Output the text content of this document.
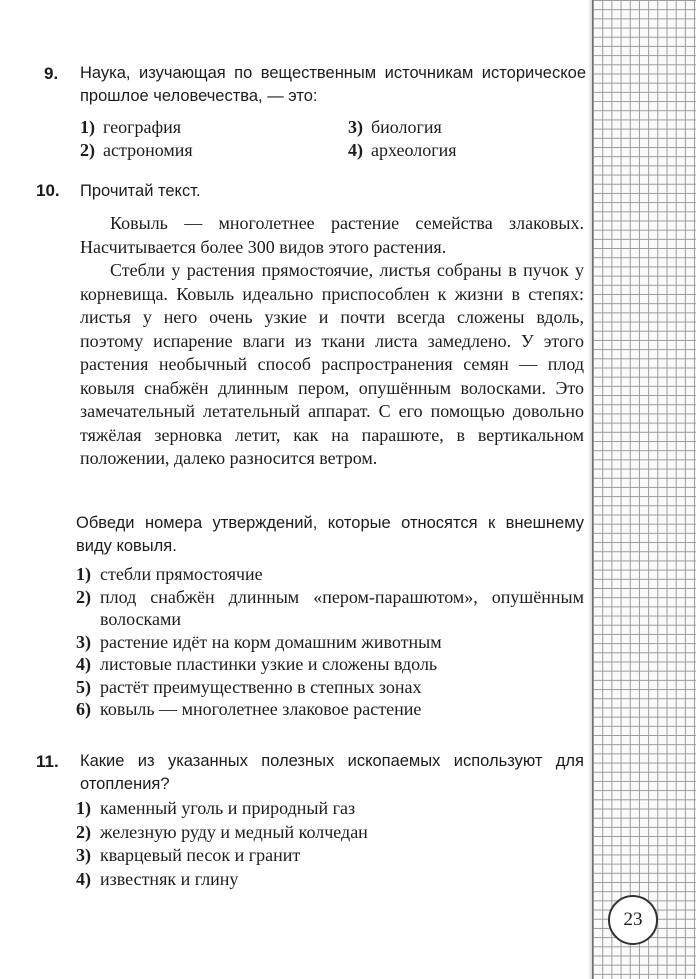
23
9. Наука, изучающая по вещественным источникам историческое прошлое человечества, — это:
1) география	3) биология
2) астрономия	4) археология
10. Прочитай текст.

Ковыль — многолетнее растение семейства злаковых. Насчитывается более 300 видов этого растения.

Стебли у растения прямостоячие, листья собраны в пучок у корневища. Ковыль идеально приспособлен к жизни в степях: листья у него очень узкие и почти всегда сложены вдоль, поэтому испарение влаги из ткани листа замедлено. У этого растения необычный способ распространения семян — плод ковыля снабжён длинным пером, опушённым волосками. Это замечательный летательный аппарат. С его помощью довольно тяжёлая зерновка летит, как на парашюте, в вертикальном положении, далеко разносится ветром.

Обведи номера утверждений, которые относятся к внешнему виду ковыля.
1) стебли прямостоячие
2) плод снабжён длинным «пером-парашютом», опушённым волосками
3) растение идёт на корм домашним животным
4) листовые пластинки узкие и сложены вдоль
5) растёт преимущественно в степных зонах
6) ковыль — многолетнее злаковое растение
11. Какие из указанных полезных ископаемых используют для отопления?
1) каменный уголь и природный газ
2) железную руду и медный колчедан
3) кварцевый песок и гранит
4) известняк и глину
